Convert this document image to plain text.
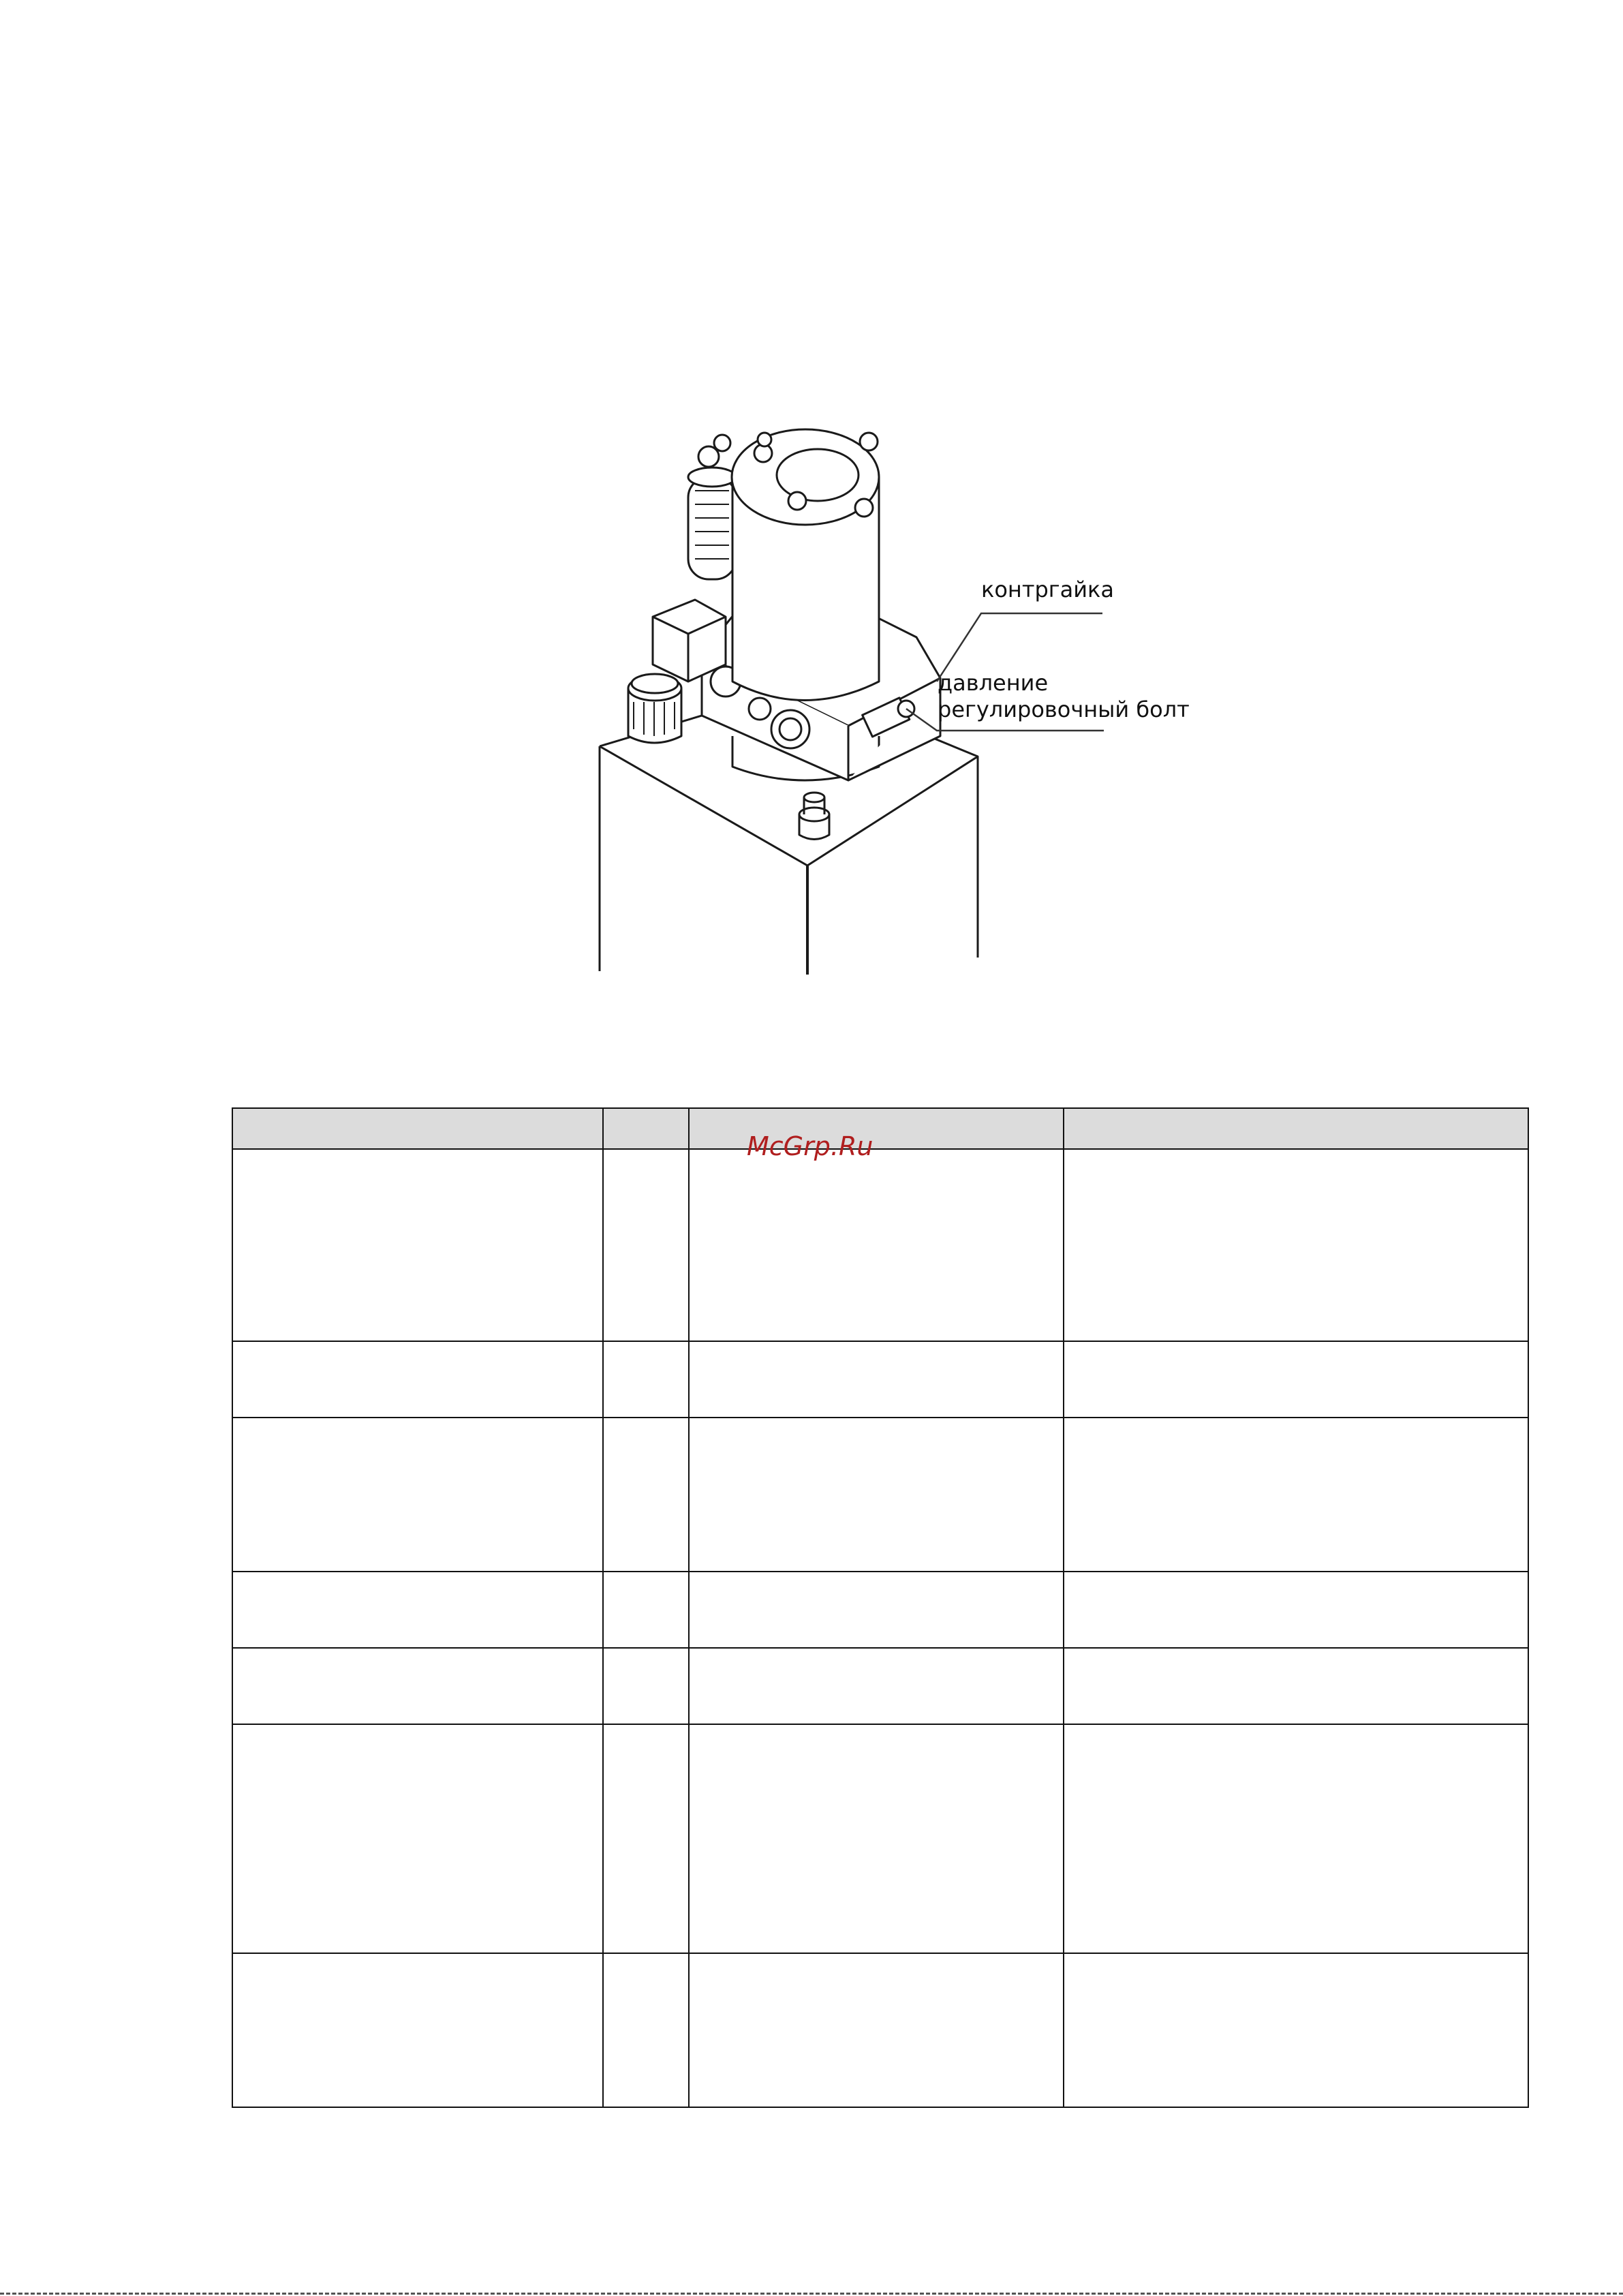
контргайка
давление
регулировочный болт

McGrp.Ru
